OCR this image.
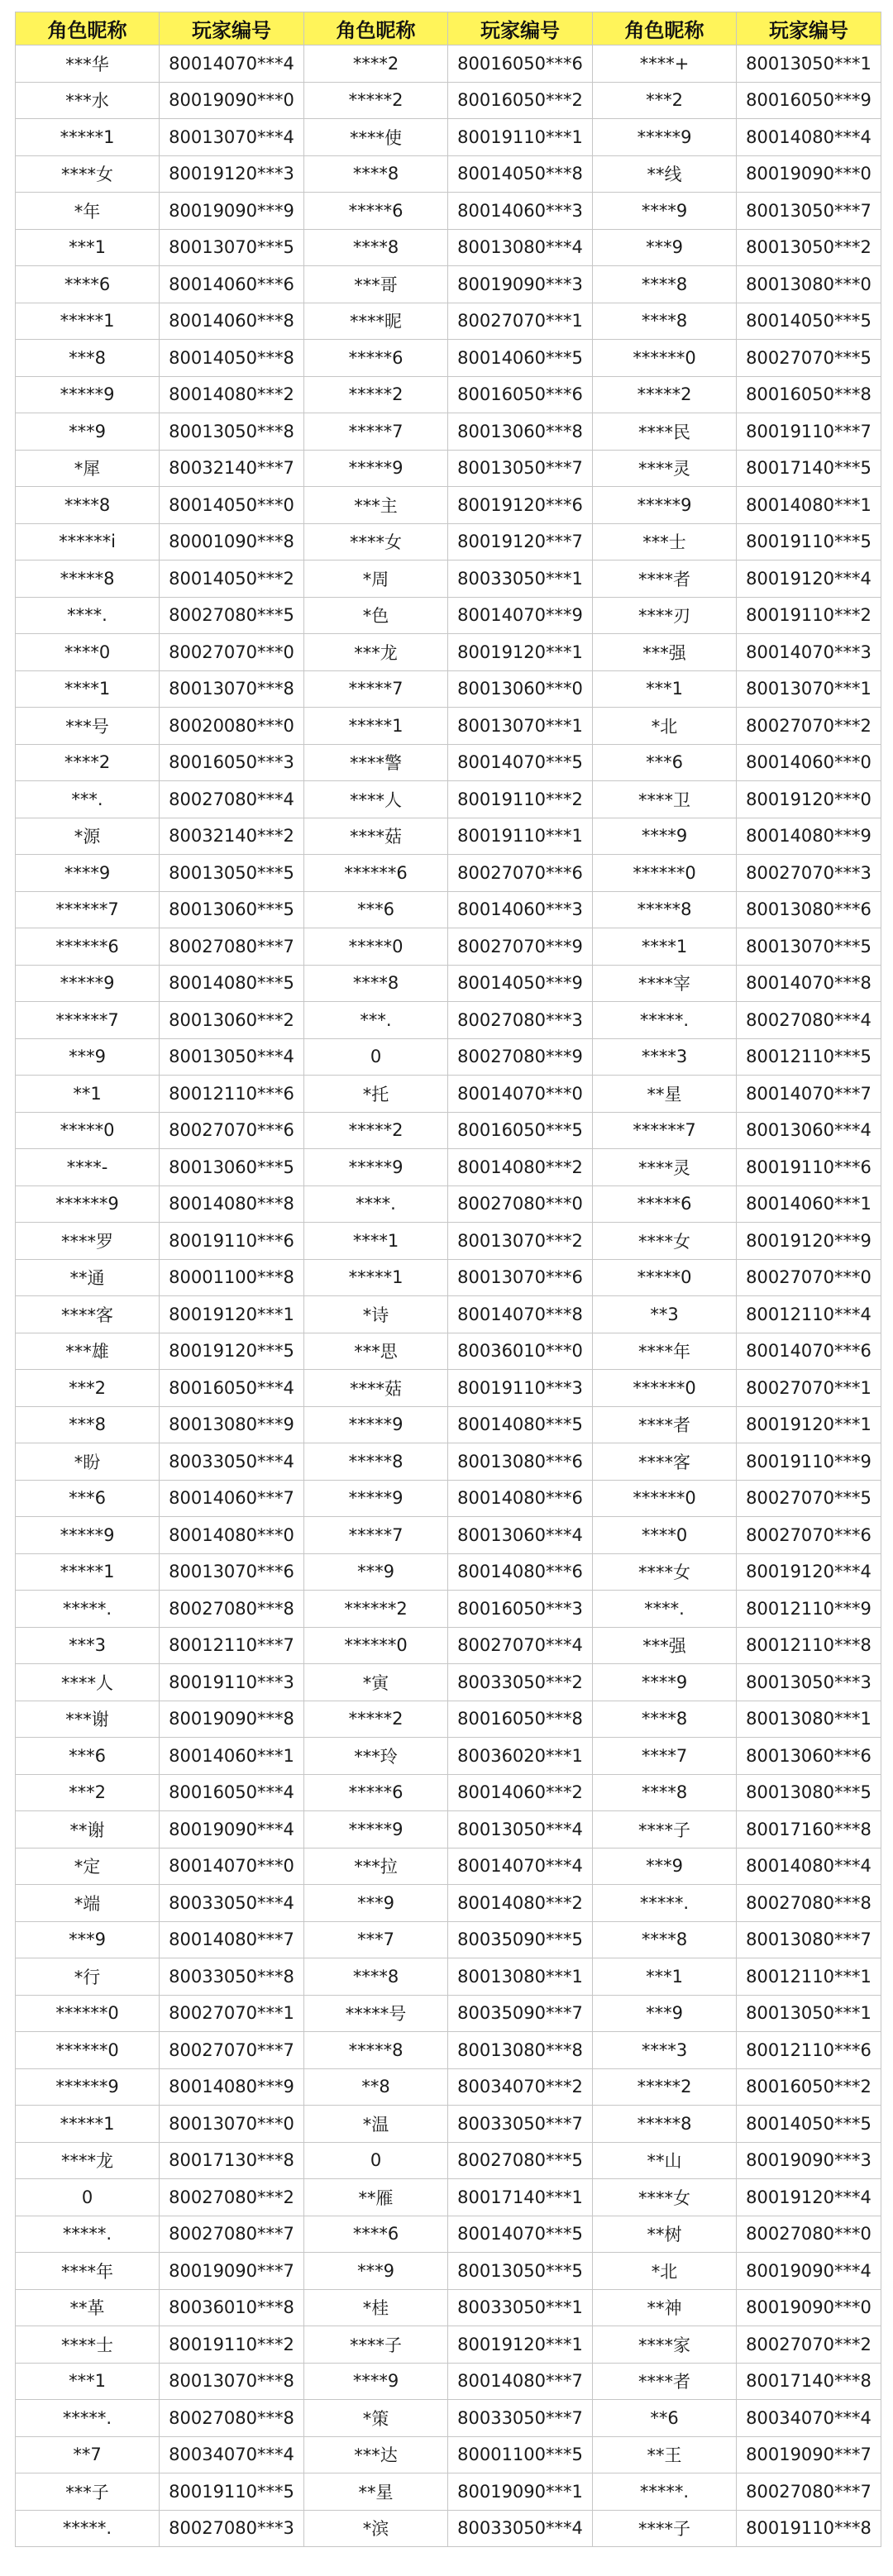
角色昵称	玩家编号	角色昵称	玩家编号	角色昵称	玩家编号
***华	80014070***4	****2	80016050***6	****+	80013050***1
***水	80019090***0	*****2	80016050***2	***2	80016050***9
*****1	80013070***4	****使	80019110***1	*****9	80014080***4
****女	80019120***3	****8	80014050***8	**线	80019090***0
*年	80019090***9	*****6	80014060***3	****9	80013050***7
***1	80013070***5	****8	80013080***4	***9	80013050***2
****6	80014060***6	***哥	80019090***3	****8	80013080***0
*****1	80014060***8	****昵	80027070***1	****8	80014050***5
***8	80014050***8	*****6	80014060***5	******0	80027070***5
*****9	80014080***2	*****2	80016050***6	*****2	80016050***8
***9	80013050***8	*****7	80013060***8	****民	80019110***7
*犀	80032140***7	*****9	80013050***7	****灵	80017140***5
****8	80014050***0	***主	80019120***6	*****9	80014080***1
******i	80001090***8	****女	80019120***7	***士	80019110***5
*****8	80014050***2	*周	80033050***1	****者	80019120***4
****.	80027080***5	*色	80014070***9	****刃	80019110***2
****0	80027070***0	***龙	80019120***1	***强	80014070***3
****1	80013070***8	*****7	80013060***0	***1	80013070***1
***号	80020080***0	*****1	80013070***1	*北	80027070***2
****2	80016050***3	****警	80014070***5	***6	80014060***0
***.	80027080***4	****人	80019110***2	****卫	80019120***0
*源	80032140***2	****菇	80019110***1	****9	80014080***9
****9	80013050***5	******6	80027070***6	******0	80027070***3
******7	80013060***5	***6	80014060***3	*****8	80013080***6
******6	80027080***7	*****0	80027070***9	****1	80013070***5
*****9	80014080***5	****8	80014050***9	****宰	80014070***8
******7	80013060***2	***.	80027080***3	*****.	80027080***4
***9	80013050***4	0	80027080***9	****3	80012110***5
**1	80012110***6	*托	80014070***0	**星	80014070***7
*****0	80027070***6	*****2	80016050***5	******7	80013060***4
****-	80013060***5	*****9	80014080***2	****灵	80019110***6
******9	80014080***8	****.	80027080***0	*****6	80014060***1
****罗	80019110***6	****1	80013070***2	****女	80019120***9
**通	80001100***8	*****1	80013070***6	*****0	80027070***0
****客	80019120***1	*诗	80014070***8	**3	80012110***4
***雄	80019120***5	***思	80036010***0	****年	80014070***6
***2	80016050***4	****菇	80019110***3	******0	80027070***1
***8	80013080***9	*****9	80014080***5	****者	80019120***1
*盼	80033050***4	*****8	80013080***6	****客	80019110***9
***6	80014060***7	*****9	80014080***6	******0	80027070***5
*****9	80014080***0	*****7	80013060***4	****0	80027070***6
*****1	80013070***6	***9	80014080***6	****女	80019120***4
*****.	80027080***8	******2	80016050***3	****.	80012110***9
***3	80012110***7	******0	80027070***4	***强	80012110***8
****人	80019110***3	*寅	80033050***2	****9	80013050***3
***谢	80019090***8	*****2	80016050***8	****8	80013080***1
***6	80014060***1	***玲	80036020***1	****7	80013060***6
***2	80016050***4	*****6	80014060***2	****8	80013080***5
**谢	80019090***4	*****9	80013050***4	****子	80017160***8
*定	80014070***0	***拉	80014070***4	***9	80014080***4
*端	80033050***4	***9	80014080***2	*****.	80027080***8
***9	80014080***7	***7	80035090***5	****8	80013080***7
*行	80033050***8	****8	80013080***1	***1	80012110***1
******0	80027070***1	*****号	80035090***7	***9	80013050***1
******0	80027070***7	*****8	80013080***8	****3	80012110***6
******9	80014080***9	**8	80034070***2	*****2	80016050***2
*****1	80013070***0	*温	80033050***7	*****8	80014050***5
****龙	80017130***8	0	80027080***5	**山	80019090***3
0	80027080***2	**雁	80017140***1	****女	80019120***4
*****.	80027080***7	****6	80014070***5	**树	80027080***0
****年	80019090***7	***9	80013050***5	*北	80019090***4
**革	80036010***8	*桂	80033050***1	**神	80019090***0
****士	80019110***2	****子	80019120***1	****家	80027070***2
***1	80013070***8	****9	80014080***7	****者	80017140***8
*****.	80027080***8	*策	80033050***7	**6	80034070***4
**7	80034070***4	***达	80001100***5	**王	80019090***7
***子	80019110***5	**星	80019090***1	*****.	80027080***7
*****.	80027080***3	*滨	80033050***4	****子	80019110***8
